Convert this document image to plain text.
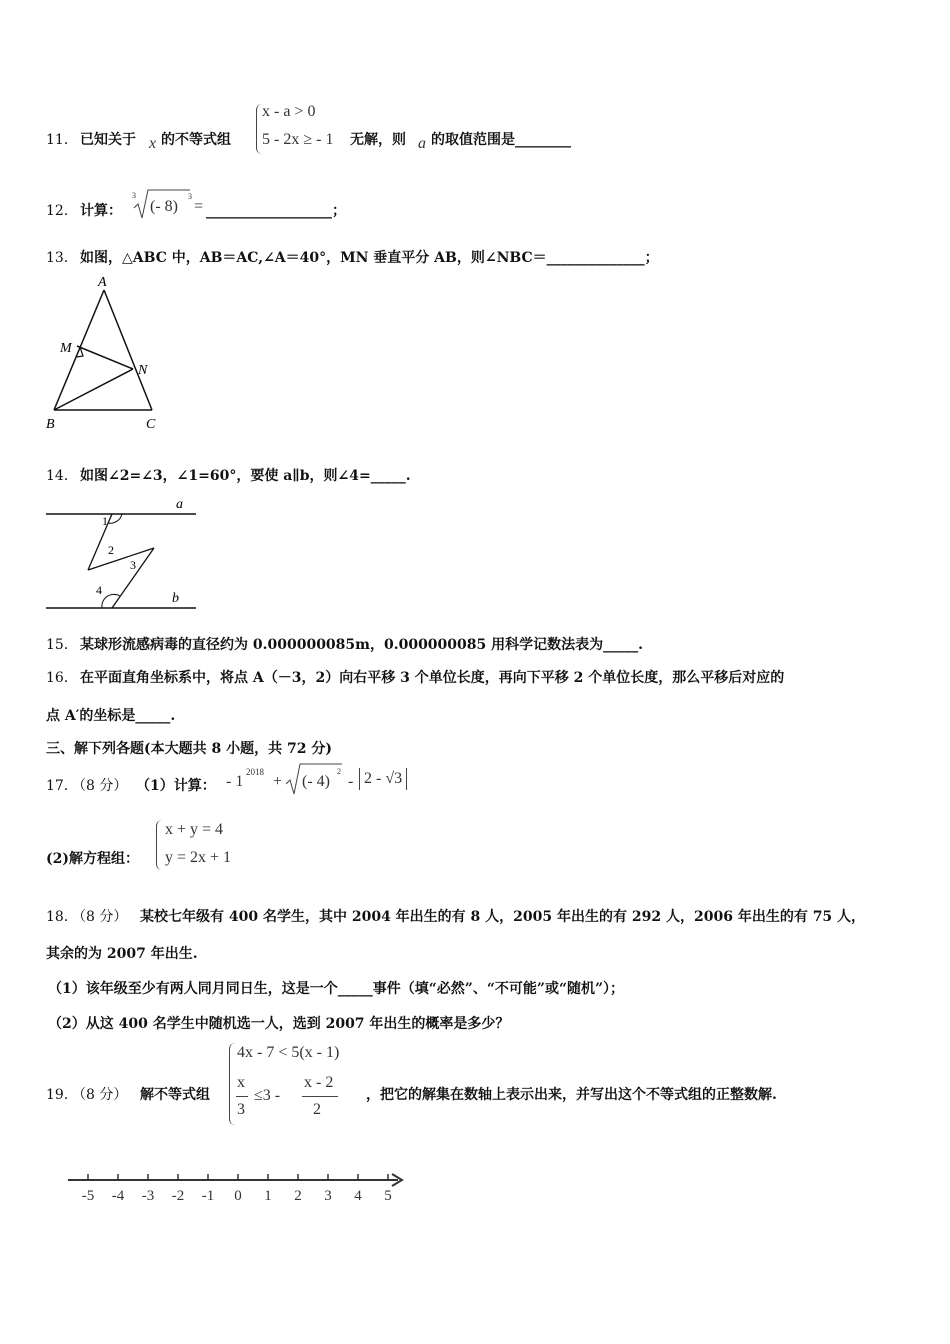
11． 已知关于 x 的不等式组
x - a > 0
5 - 2x ≥ - 1 无解，则 a 的取值范围是________
12． 计算：
3
(- 8)
3
= __________________；
13． 如图，△ABC 中，AB＝AC,∠A＝40°，MN 垂直平分 AB，则∠NBC＝______________；
A
M
N
B	C
14． 如图∠2=∠3，∠1=60°，要使 a∥b，则∠4=_____.
a
b
1
2
3
4
15． 某球形流感病毒的直径约为 0.000000085m，0.000000085 用科学记数法表为_____.
16． 在平面直角坐标系中，将点 A（－3，2）向右平移 3 个单位长度，再向下平移 2 个单位长度，那么平移后对应的
点 A′的坐标是_____.
三、解下列各题(本大题共 8 小题，共 72 分)
17．
（8 分） （1）计算： - 1
2018
+ (- 4)
2
- 2 - √3
(2)解方程组：
x + y = 4
y = 2x + 1
18．
（8 分） 某校七年级有 400 名学生，其中 2004 年出生的有 8 人，2005 年出生的有 292 人，2006 年出生的有 75 人，
其余的为 2007 年出生.
（1）该年级至少有两人同月同日生，这是一个_____事件（填“必然”、“不可能”或“随机”）；
（2）从这 400 名学生中随机选一人，选到 2007 年出生的概率是多少？
19．
（8 分） 解不等式组
4x - 7 < 5(x - 1)
x
3
≤3 -
x - 2
2
，把它的解集在数轴上表示出来，并写出这个不等式组的正整数解.
-5 -4 -3 -2 -1 0 1 2 3 4 5
